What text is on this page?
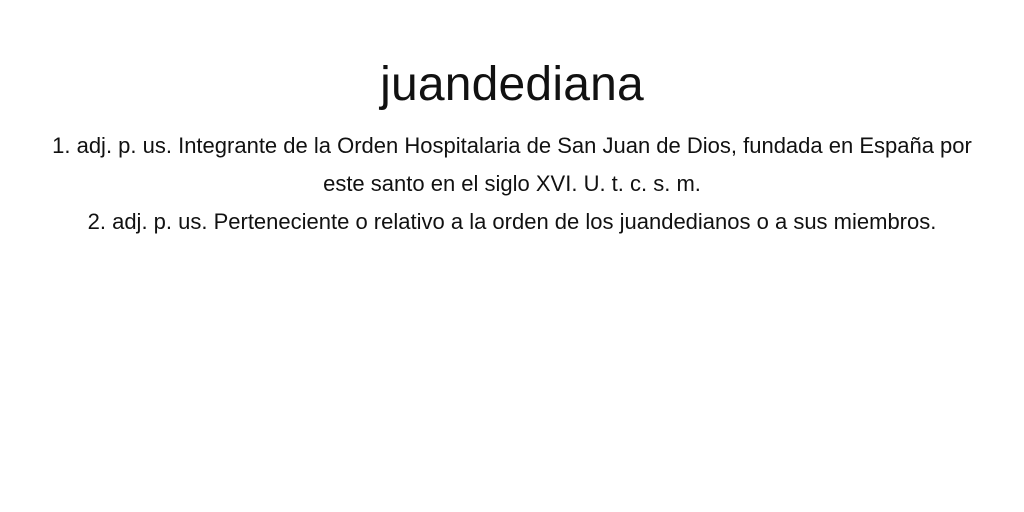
juandediana
1. adj. p. us. Integrante de la Orden Hospitalaria de San Juan de Dios, fundada en España por este santo en el siglo XVI. U. t. c. s. m.
2. adj. p. us. Perteneciente o relativo a la orden de los juandedianos o a sus miembros.
